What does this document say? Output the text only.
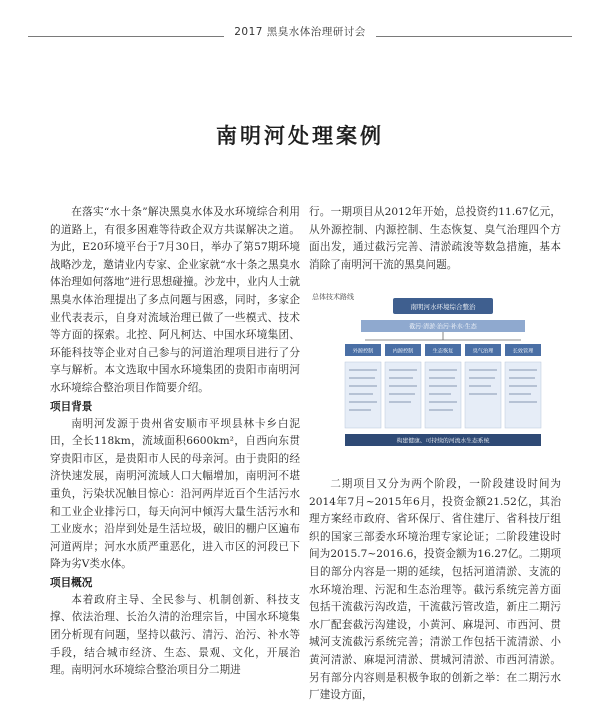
2017 黑臭水体治理研讨会
南明河处理案例

在落实“水十条”解决黑臭水体及水环境综合利用的道路上，有很多困难等待政企双方共谋解决之道。为此，E20环境平台于7月30日，举办了第57期环境战略沙龙，邀请业内专家、企业家就“水十条之黑臭水体治理如何落地”进行思想碰撞。沙龙中，业内人士就黑臭水体治理提出了多点问题与困惑，同时，多家企业代表表示，自身对流域治理已做了一些模式、技术等方面的探索。北控、阿凡柯达、中国水环境集团、环能科技等企业对自己参与的河道治理项目进行了分享与解析。本文选取中国水环境集团的贵阳市南明河水环境综合整治项目作简要介绍。

项目背景

南明河发源于贵州省安顺市平坝县林卡乡白泥田，全长118km，流域面积6600km²，自西向东贯穿贵阳市区，是贵阳市人民的母亲河。由于贵阳的经济快速发展，南明河流域人口大幅增加，南明河不堪重负，污染状况触目惊心：沿河两岸近百个生活污水和工业企业排污口，每天向河中倾泻大量生活污水和工业废水；沿岸到处是生活垃圾，破旧的棚户区遍布河道两岸；河水水质严重恶化，进入市区的河段已下降为劣Ⅴ类水体。

项目概况

本着政府主导、全民参与、机制创新、科技支撑、依法治理、长治久清的治理宗旨，中国水环境集团分析现有问题，坚持以截污、清污、治污、补水等手段，结合城市经济、生态、景观、文化，开展治理。南明河水环境综合整治项目分二期进

行。一期项目从2012年开始，总投资约11.67亿元，从外源控制、内源控制、生态恢复、臭气治理四个方面出发，通过截污完善、清淤疏浚等数急措施，基本消除了南明河干流的黑臭问题。

总体技术路线
南明河水环境综合整治
截污·清淤·治污·补水·生态
外源控制	内源控制	生态恢复	臭气治理	长效管理
构建健康、可持续的河流水生态系统

二期项目又分为两个阶段，一阶段建设时间为2014年7月~2015年6月，投资金额21.52亿，其治理方案经市政府、省环保厅、省住建厅、省科技厅组织的国家三部委水环境治理专家论证；二阶段建设时间为2015.7~2016.6，投资金额为16.27亿。二期项目的部分内容是一期的延续，包括河道清淤、支流的水环境治理、污泥和生态治理等。截污系统完善方面包括干流截污沟改造，干流截污管改造，新庄二期污水厂配套截污沟建设，小黄河、麻堤河、市西河、贯城河支流截污系统完善；清淤工作包括干流清淤、小黄河清淤、麻堤河清淤、贯城河清淤、市西河清淤。另有部分内容则是积极争取的创新之举：在二期污水厂建设方面，
